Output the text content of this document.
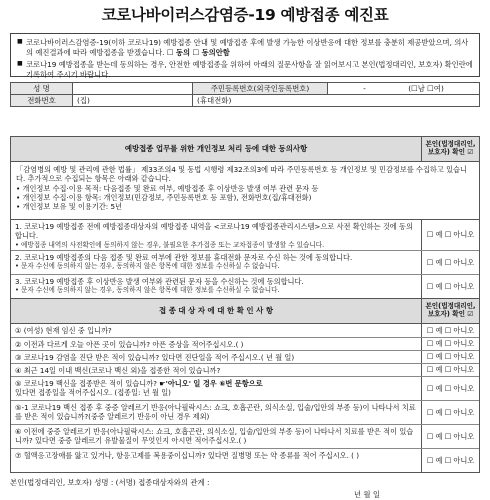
코로나바이러스감염증-19 예방접종 예진표

■ 코로나바이러스감염증-19(이하 코로나19) 예방접종 안내 및 예방접종 후에 발생 가능한 이상반응에 대한 정보를 충분히 제공받았으며, 의사의 예진결과에 따라 예방접종을 받겠습니다. ☐ 동의 ☐ 동의안함

■ 코로나19 예방접종을 받는데 동의하는 경우, 안전한 예방접종을 위하여 아래의 질문사항을 잘 읽어보시고 본인(법정대리인, 보호자) 확인란에 기록하여 주시기 바랍니다.

성 명		주민등록번호(외국인등록번호)	- (☐남 ☐여)
전화번호	(집)	(휴대전화)	
예방접종 업무를 위한 개인정보 처리 등에 대한 동의사항
본인(법정대리인, 보호자) 확인 ☑
「감염병의 예방 및 관리에 관한 법률」 제33조의4 및 동법 시행령 제32조의3에 따라 주민등록번호 등 개인정보 및 민감정보를 수집하고 있습니다. 추가적으로 수집되는 항목은 아래와 같습니다.
• 개인정보 수집·이용 목적: 다음접종 및 완료 여부, 예방접종 후 이상반응 발생 여부 관련 문자 등
• 개인정보 수집·이용 항목: 개인정보(민감정보, 주민등록번호 등 포함), 전화번호(집/휴대전화)
• 개인정보 보유 및 이용기간: 5년
1. 코로나19 예방접종 전에 예방접종대상자의 예방접종 내역을 <코로나19 예방접종관리시스템>으로 사전 확인하는 것에 동의합니다.
• 예방접종 내역의 사전확인에 동의하지 않는 경우, 불필요한 추가접종 또는 교차접종이 발생할 수 있습니다.
☐ 예 ☐ 아니오
2. 코로나19 예방접종의 다음 접종 및 완료 여부에 관한 정보를 휴대전화 문자로 수신 하는 것에 동의합니다.
• 문자 수신에 동의하지 않는 경우, 동의하지 않은 항목에 대한 정보를 수신하실 수 없습니다.	☐ 예 ☐ 아니오
3. 코로나19 예방접종 후 이상반응 발생 여부와 관련된 문자 등을 수신하는 것에 동의합니다.
• 문자 수신에 동의하지 않는 경우, 동의하지 않은 항목에 대한 정보를 수신하실 수 없습니다.	☐ 예 ☐ 아니오
접 종 대 상 자 에 대 한 확 인 사 항
본인(법정대리인, 보호자) 확인 ☑
① (여성) 현재 임신 중 입니까?	☐ 예 ☐ 아니오
② 이전과 다르게 오늘 아픈 곳이 있습니까? 아픈 증상을 적어주십시오.( )	☐ 예 ☐ 아니오
③ 코로나19 감염을 진단 받은 적이 있습니까? 있다면 진단일을 적어 주십시오.( 년 월 일)	☐ 예 ☐ 아니오
④ 최근 14일 이내 백신(코로나 백신 외)을 접종한 적이 있습니까?	☐ 예 ☐ 아니오
⑤ 코로나19 백신을 접종받은 적이 있습니까? ☛'아니오' 일 경우 ⑥번 문항으로
있다면 접종일을 적어주십시오. (접종일: 년 월 일)
☐ 예 ☐ 아니오
⑤-1 코로나19 백신 접종 후 중증 알레르기 반응(아나필락시스: 쇼크, 호흡곤란, 의식소실, 입술/입안의 부종 등)이 나타나서 치료를 받은 적이 있습니까?(중증 알레르기 반응이 아닌 경우 제외)
☐ 예 ☐ 아니오
⑥ 이전에 중증 알레르기 반응(아나필락시스: 쇼크, 호흡곤란, 의식소실, 입술/입안의 부종 등)이 나타나서 치료를 받은 적이 있습니까? 있다면 중증 알레르기 유발물질이 무엇인지 아시면 적어주십시오.( )
☐ 예 ☐ 아니오
⑦ 혈액응고장애를 앓고 있거나, 항응고제를 복용중이십니까? 있다면 질병명 또는 약 종류를 적어 주십시오. ( )
☐ 예 ☐ 아니오
본인(법정대리인, 보호자) 성명 : (서명) 접종대상자와의 관계 :
년 월 일
